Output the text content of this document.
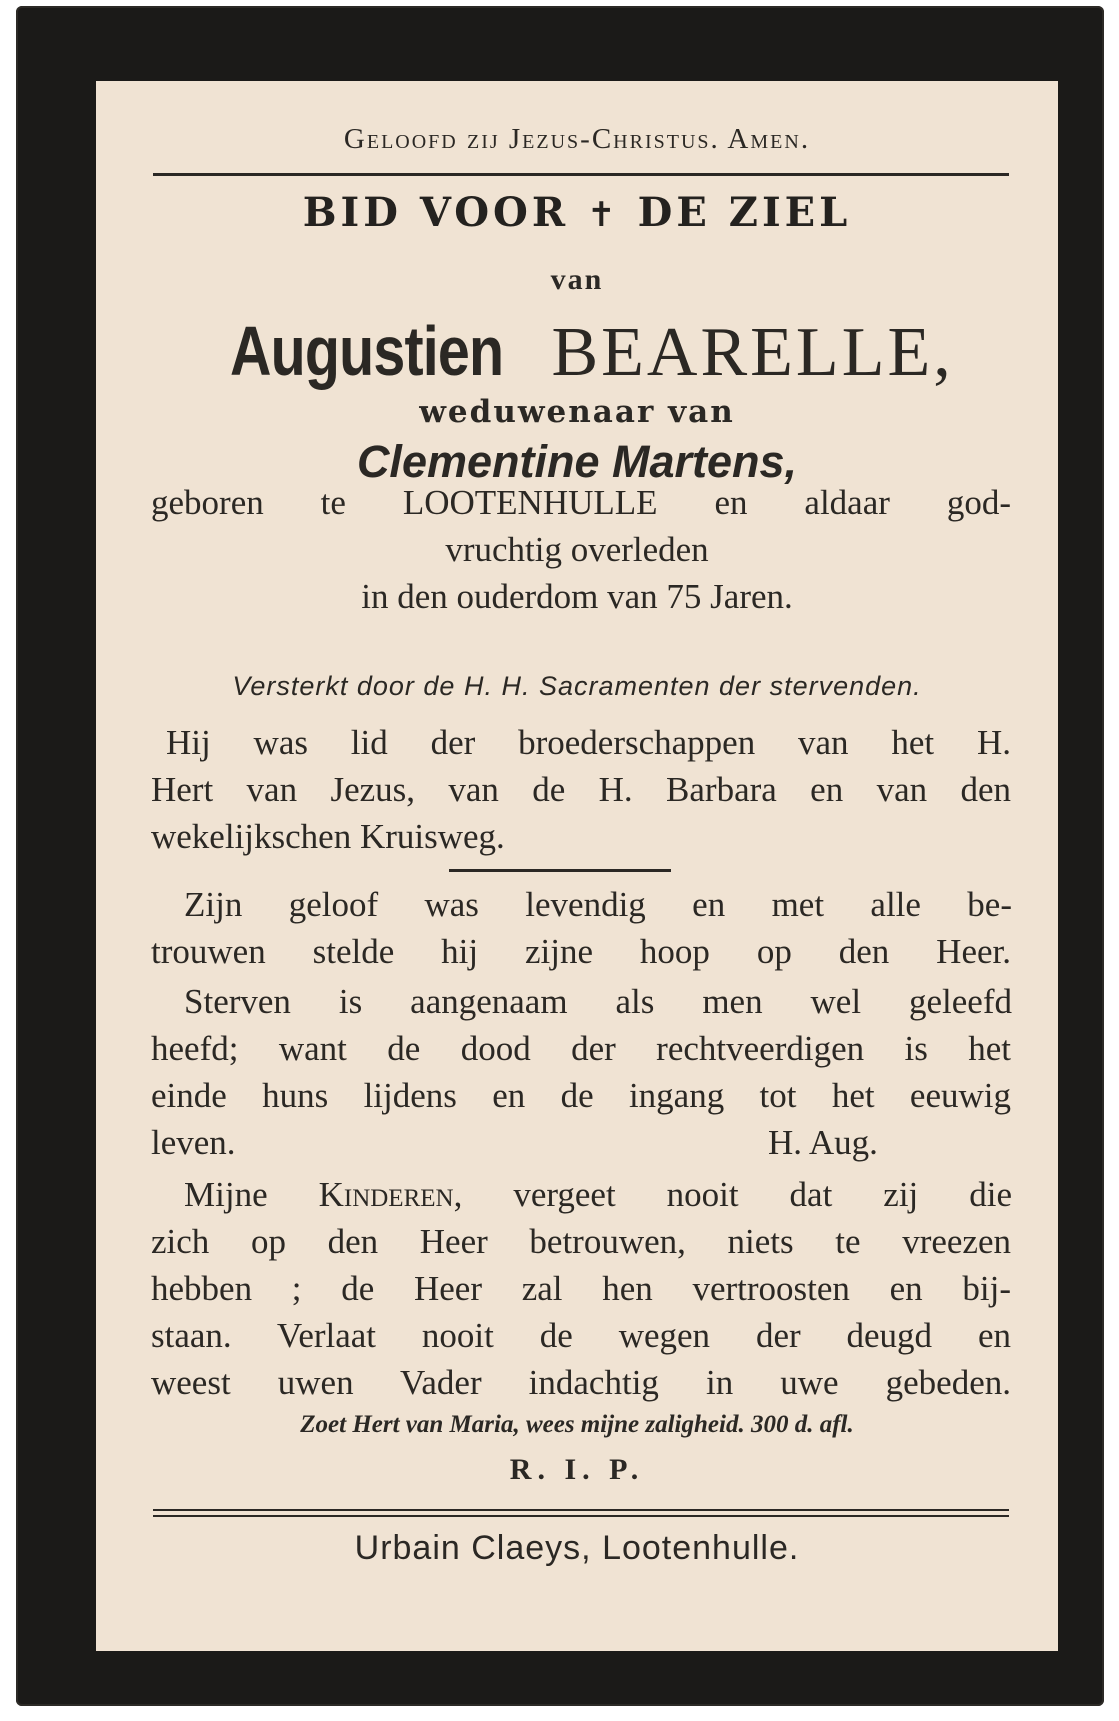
Geloofd zij Jezus-Christus. Amen.
BID VOOR ✝ DE ZIEL
van
Augustien BEARELLE,
weduwenaar van
Clementine Martens,
geboren te LOOTENHULLE en aldaar god-
vruchtig overleden
in den ouderdom van 75 Jaren.
Versterkt door de H. H. Sacramenten der stervenden.
Hij was lid der broederschappen van het H.
Hert van Jezus, van de H. Barbara en van den
wekelijkschen Kruisweg.
Zijn geloof was levendig en met alle be-
trouwen stelde hij zijne hoop op den Heer.
Sterven is aangenaam als men wel geleefd
heefd; want de dood der rechtveerdigen is het
einde huns lijdens en de ingang tot het eeuwig
leven.	H. Aug.
Mijne Kinderen, vergeet nooit dat zij die
zich op den Heer betrouwen, niets te vreezen
hebben ; de Heer zal hen vertroosten en bij-
staan. Verlaat nooit de wegen der deugd en
weest uwen Vader indachtig in uwe gebeden.
Zoet Hert van Maria, wees mijne zaligheid. 300 d. afl.
R. I. P.
Urbain Claeys, Lootenhulle.
